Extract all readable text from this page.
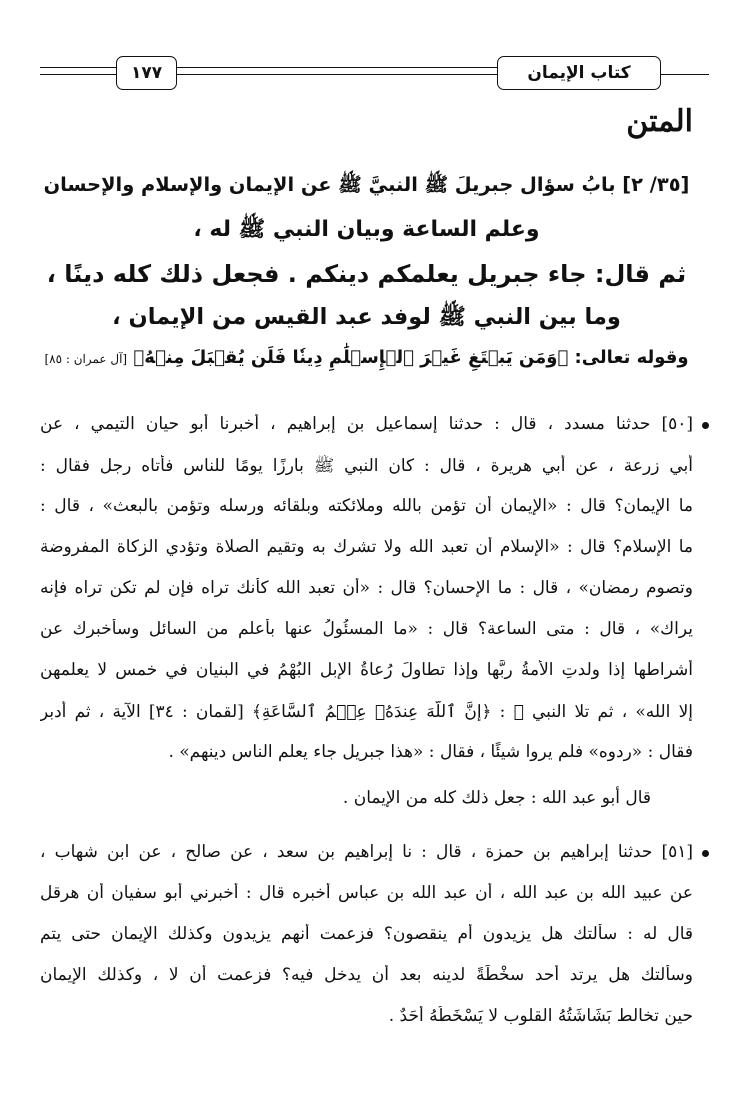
كتاب الإيمان
١٧٧
المتن
[٣٥/ ٢] بابُ سؤال جبريلَ ﷺ النبيَّ ﷺ عن الإيمان والإسلام والإحسان
وعلم الساعة وبيان النبي ﷺ له ،
ثم قال: جاء جبريل يعلمكم دينكم . فجعل ذلك كله دينًا ،
وما بين النبي ﷺ لوفد عبد القيس من الإيمان ،
وقوله تعالى: ﴿وَمَن يَبۡتَغِ غَيۡرَ ٱلۡإِسۡلَٰمِ دِينٗا فَلَن يُقۡبَلَ مِنۡهُ﴾ [آل عمران : ٨٥]
[٥٠] حدثنا مسدد ، قال : حدثنا إسماعيل بن إبراهيم ، أخبرنا أبو حيان التيمي ، عن
أبي زرعة ، عن أبي هريرة ، قال : كان النبي ﷺ بارزًا يومًا للناس فأتاه رجل فقال :
ما الإيمان؟ قال : «الإيمان أن تؤمن بالله وملائكته وبلقائه ورسله وتؤمن بالبعث» ، قال :
ما الإسلام؟ قال : «الإسلام أن تعبد الله ولا تشرك به وتقيم الصلاة وتؤدي الزكاة المفروضة
وتصوم رمضان» ، قال : ما الإحسان؟ قال : «أن تعبد الله كأنك تراه فإن لم تكن تراه فإنه
يراك» ، قال : متى الساعة؟ قال : «ما المسئُولُ عنها بأعلم من السائل وسأخبرك عن
أشراطها إذا ولدتِ الأمةُ ربَّها وإذا تطاولَ رُعاةُ الإبل البُهْمُ في البنيان في خمس لا يعلمهن
إلا الله» ، ثم تلا النبي ﷺ : ﴿إِنَّ ٱللَّهَ عِندَهُۥ عِلۡمُ ٱلسَّاعَةِ﴾ [لقمان : ٣٤] الآية ، ثم أدبر
فقال : «ردوه» فلم يروا شيئًا ، فقال : «هذا جبريل جاء يعلم الناس دينهم» .
قال أبو عبد الله : جعل ذلك كله من الإيمان .
[٥١] حدثنا إبراهيم بن حمزة ، قال : نا إبراهيم بن سعد ، عن صالح ، عن ابن شهاب ،
عن عبيد الله بن عبد الله ، أن عبد الله بن عباس أخبره قال : أخبرني أبو سفيان أن هرقل
قال له : سألتك هل يزيدون أم ينقصون؟ فزعمت أنهم يزيدون وكذلك الإيمان حتى يتم
وسألتك هل يرتد أحد سخْطَةً لدينه بعد أن يدخل فيه؟ فزعمت أن لا ، وكذلك الإيمان
حين تخالط بَشَاشَتُهُ القلوب لا يَسْخَطُهُ أَحَدٌ .
